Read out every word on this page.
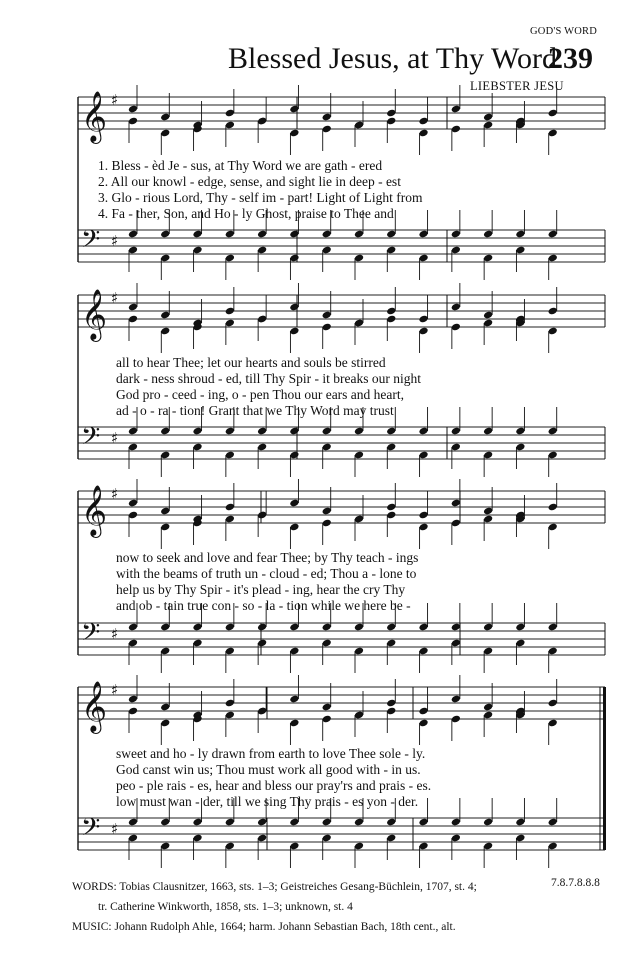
GOD'S WORD
Blessed Jesus, at Thy Word
239
LIEBSTER JESU
𝄞 ♯
𝄢 ♯
𝄞 ♯
𝄢 ♯
𝄞 ♯
𝄢 ♯
𝄞 ♯
𝄢 ♯
1. Bless - èd Je - sus, at Thy Word we are gath - ered
2. All our knowl - edge, sense, and sight lie in deep - est
3. Glo - rious Lord, Thy - self im - part! Light of Light from
4. Fa - ther, Son, and Ho - ly Ghost, praise to Thee and
all to hear Thee; let our hearts and souls be stirred
dark - ness shroud - ed, till Thy Spir - it breaks our night
God pro - ceed - ing, o - pen Thou our ears and heart,
ad - o - ra - tion! Grant that we Thy Word may trust
now to seek and love and fear Thee; by Thy teach - ings
with the beams of truth un - cloud - ed; Thou a - lone to
help us by Thy Spir - it's plead - ing, hear the cry Thy
and ob - tain true con - so - la - tion while we here be -
sweet and ho - ly drawn from earth to love Thee sole - ly.
God canst win us; Thou must work all good with - in us.
peo - ple rais - es, hear and bless our pray'rs and prais - es.
low must wan - der, till we sing Thy prais - es yon - der.
WORDS: Tobias Clausnitzer, 1663, sts. 1–3; Geistreiches Gesang-Büchlein, 1707, st. 4;
tr. Catherine Winkworth, 1858, sts. 1–3; unknown, st. 4
MUSIC: Johann Rudolph Ahle, 1664; harm. Johann Sebastian Bach, 18th cent., alt.
7.8.7.8.8.8
